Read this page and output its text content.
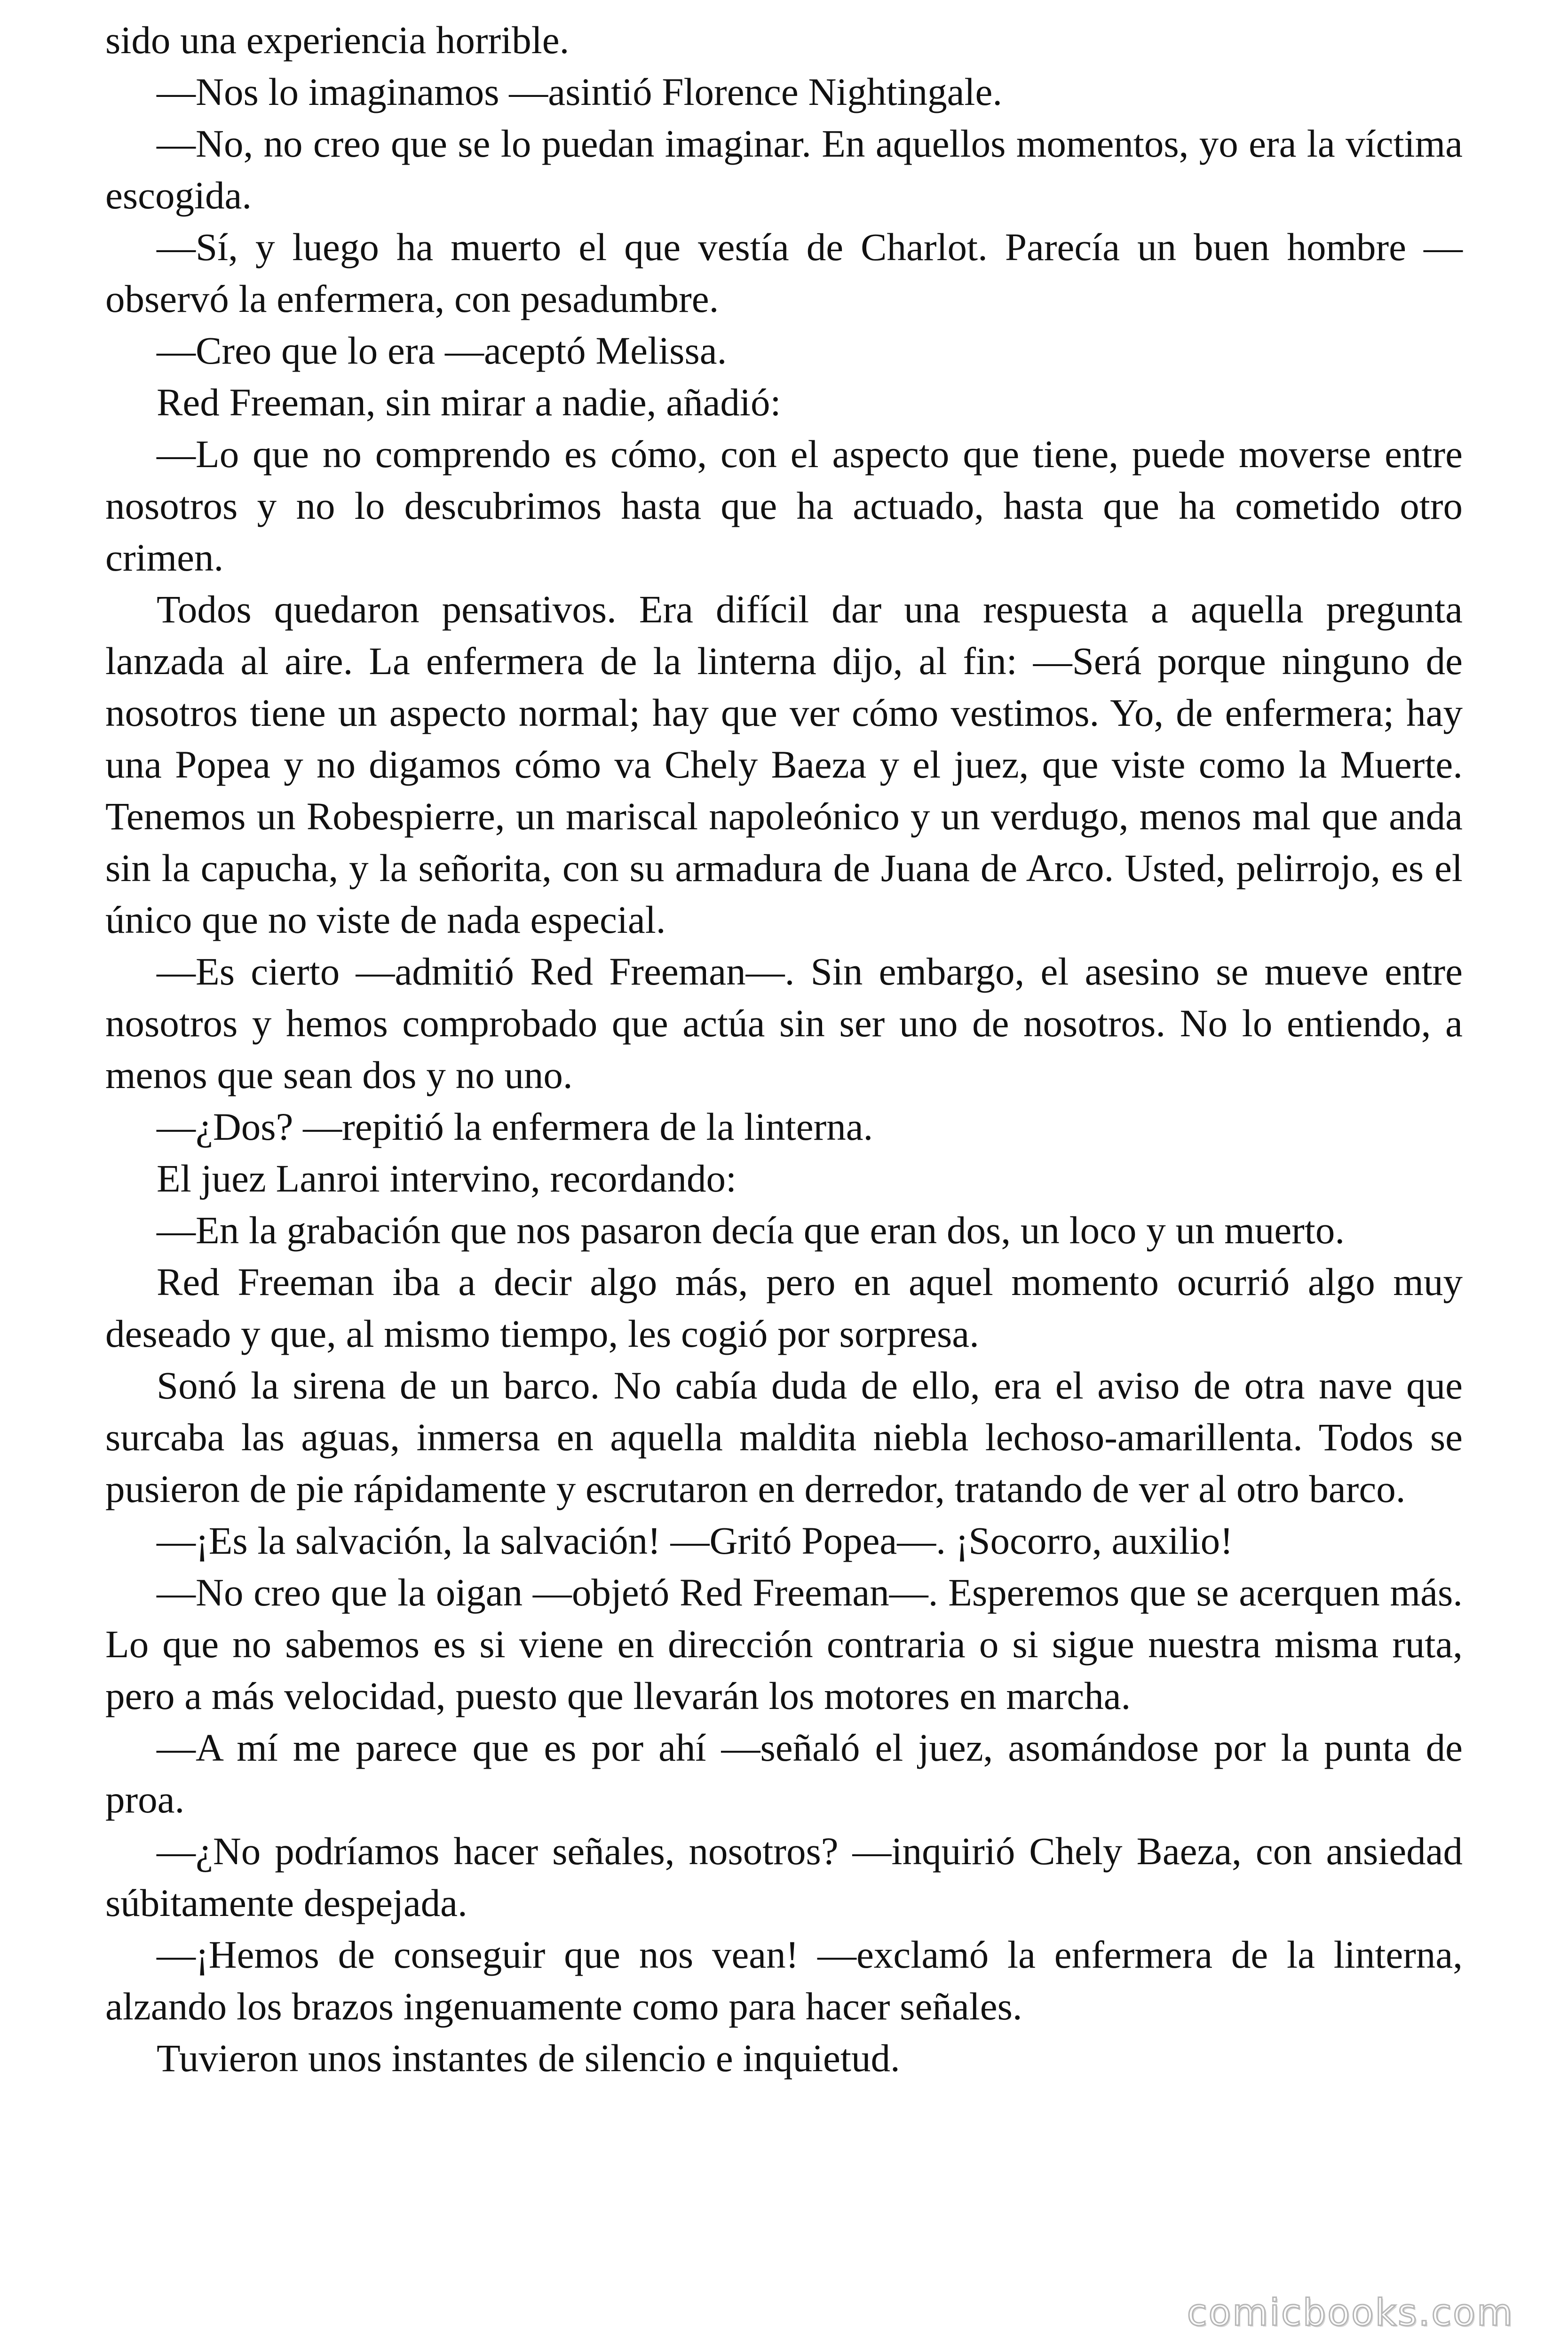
sido una experiencia horrible.

—Nos lo imaginamos —asintió Florence Nightingale.

—No, no creo que se lo puedan imaginar. En aquellos momentos, yo era la víctima escogida.

—Sí, y luego ha muerto el que vestía de Charlot. Parecía un buen hombre —observó la enfermera, con pesadumbre.

—Creo que lo era —aceptó Melissa.

Red Freeman, sin mirar a nadie, añadió:

—Lo que no comprendo es cómo, con el aspecto que tiene, puede moverse entre nosotros y no lo descubrimos hasta que ha actuado, hasta que ha cometido otro crimen.

Todos quedaron pensativos. Era difícil dar una respuesta a aquella pregunta lanzada al aire. La enfermera de la linterna dijo, al fin: —Será porque ninguno de nosotros tiene un aspecto normal; hay que ver cómo vestimos. Yo, de enfermera; hay una Popea y no digamos cómo va Chely Baeza y el juez, que viste como la Muerte. Tenemos un Robespierre, un mariscal napoleónico y un verdugo, menos mal que anda sin la capucha, y la señorita, con su armadura de Juana de Arco. Usted, pelirrojo, es el único que no viste de nada especial.

—Es cierto —admitió Red Freeman—. Sin embargo, el asesino se mueve entre nosotros y hemos comprobado que actúa sin ser uno de nosotros. No lo entiendo, a menos que sean dos y no uno.

—¿Dos? —repitió la enfermera de la linterna.

El juez Lanroi intervino, recordando:

—En la grabación que nos pasaron decía que eran dos, un loco y un muerto.

Red Freeman iba a decir algo más, pero en aquel momento ocurrió algo muy deseado y que, al mismo tiempo, les cogió por sorpresa.

Sonó la sirena de un barco. No cabía duda de ello, era el aviso de otra nave que surcaba las aguas, inmersa en aquella maldita niebla lechoso-amarillenta. Todos se pusieron de pie rápidamente y escrutaron en derredor, tratando de ver al otro barco.

—¡Es la salvación, la salvación! —Gritó Popea—. ¡Socorro, auxilio!

—No creo que la oigan —objetó Red Freeman—. Esperemos que se acerquen más. Lo que no sabemos es si viene en dirección contraria o si sigue nuestra misma ruta, pero a más velocidad, puesto que llevarán los motores en marcha.

—A mí me parece que es por ahí —señaló el juez, asomándose por la punta de proa.

—¿No podríamos hacer señales, nosotros? —inquirió Chely Baeza, con ansiedad súbitamente despejada.

—¡Hemos de conseguir que nos vean! —exclamó la enfermera de la linterna, alzando los brazos ingenuamente como para hacer señales.

Tuvieron unos instantes de silencio e inquietud.

comicbooks.com
